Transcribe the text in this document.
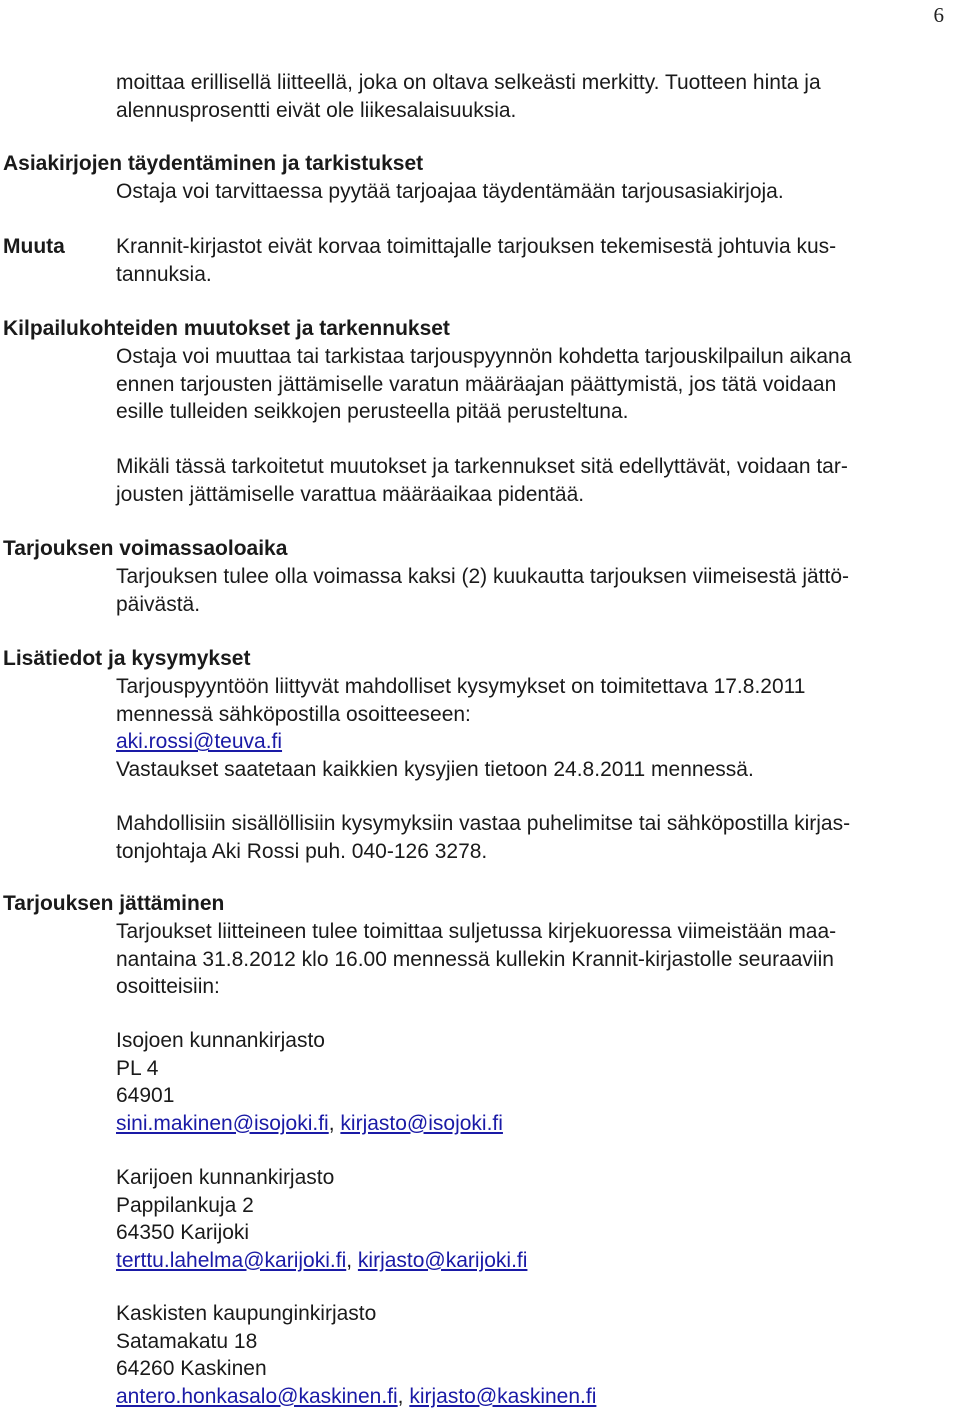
6
moittaa erillisellä liitteellä, joka on oltava selkeästi merkitty. Tuotteen hinta ja
alennusprosentti eivät ole liikesalaisuuksia.
Asiakirjojen täydentäminen ja tarkistukset
Ostaja voi tarvittaessa pyytää tarjoajaa täydentämään tarjousasiakirjoja.
Muuta Krannit-kirjastot eivät korvaa toimittajalle tarjouksen tekemisestä johtuvia kus-
tannuksia.
Kilpailukohteiden muutokset ja tarkennukset
Ostaja voi muuttaa tai tarkistaa tarjouspyynnön kohdetta tarjouskilpailun aikana
ennen tarjousten jättämiselle varatun määräajan päättymistä, jos tätä voidaan
esille tulleiden seikkojen perusteella pitää perusteltuna.
Mikäli tässä tarkoitetut muutokset ja tarkennukset sitä edellyttävät, voidaan tar-
jousten jättämiselle varattua määräaikaa pidentää.
Tarjouksen voimassaoloaika
Tarjouksen tulee olla voimassa kaksi (2) kuukautta tarjouksen viimeisestä jättö-
päivästä.
Lisätiedot ja kysymykset
Tarjouspyyntöön liittyvät mahdolliset kysymykset on toimitettava 17.8.2011
mennessä sähköpostilla osoitteeseen:
aki.rossi@teuva.fi
Vastaukset saatetaan kaikkien kysyjien tietoon 24.8.2011 mennessä.
Mahdollisiin sisällöllisiin kysymyksiin vastaa puhelimitse tai sähköpostilla kirjas-
tonjohtaja Aki Rossi puh. 040-126 3278.
Tarjouksen jättäminen
Tarjoukset liitteineen tulee toimittaa suljetussa kirjekuoressa viimeistään maa-
nantaina 31.8.2012 klo 16.00 mennessä kullekin Krannit-kirjastolle seuraaviin
osoitteisiin:
Isojoen kunnankirjasto
PL 4
64901
sini.makinen@isojoki.fi, kirjasto@isojoki.fi
Karijoen kunnankirjasto
Pappilankuja 2
64350 Karijoki
terttu.lahelma@karijoki.fi, kirjasto@karijoki.fi
Kaskisten kaupunginkirjasto
Satamakatu 18
64260 Kaskinen
antero.honkasalo@kaskinen.fi, kirjasto@kaskinen.fi
